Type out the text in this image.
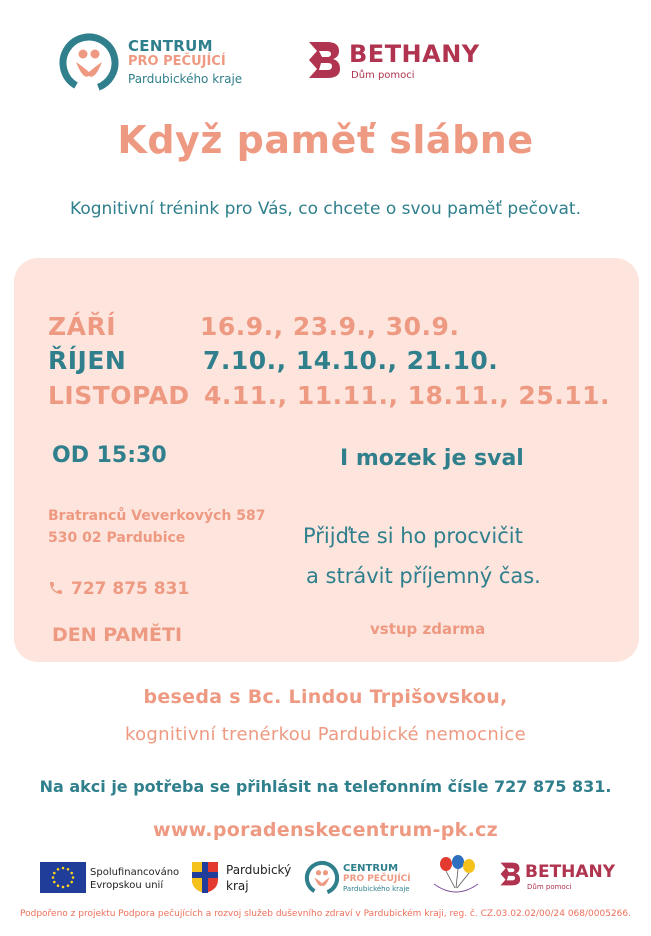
CENTRUM
PRO PEČUJÍCÍ
Pardubického kraje
BETHANY
Dům pomoci
Když paměť slábne
Kognitivní trénink pro Vás, co chcete o svou paměť pečovat.
ZÁŘÍ	16.9., 23.9., 30.9.
ŘÍJEN	7.10., 14.10., 21.10.
LISTOPAD 4.11., 11.11., 18.11., 25.11.
OD 15:30	I mozek je sval
Bratranců Veverkových 587
530 02 Pardubice	Přijďte si ho procvičit
a strávit příjemný čas.
727 875 831
DEN PAMĚTI	vstup zdarma
beseda s Bc. Lindou Trpišovskou,
kognitivní trenérkou Pardubické nemocnice
Na akci je potřeba se přihlásit na telefonním čísle 727 875 831.
www.poradenskecentrum-pk.cz
Spolufinancováno
Evropskou unií
Pardubický
kraj
CENTRUM
PRO PEČUJÍCÍ
Pardubického kraje
BETHANY
Dům pomoci
Podpořeno z projektu Podpora pečujících a rozvoj služeb duševního zdraví v Pardubickém kraji, reg. č. CZ.03.02.02/00/24 068/0005266.
